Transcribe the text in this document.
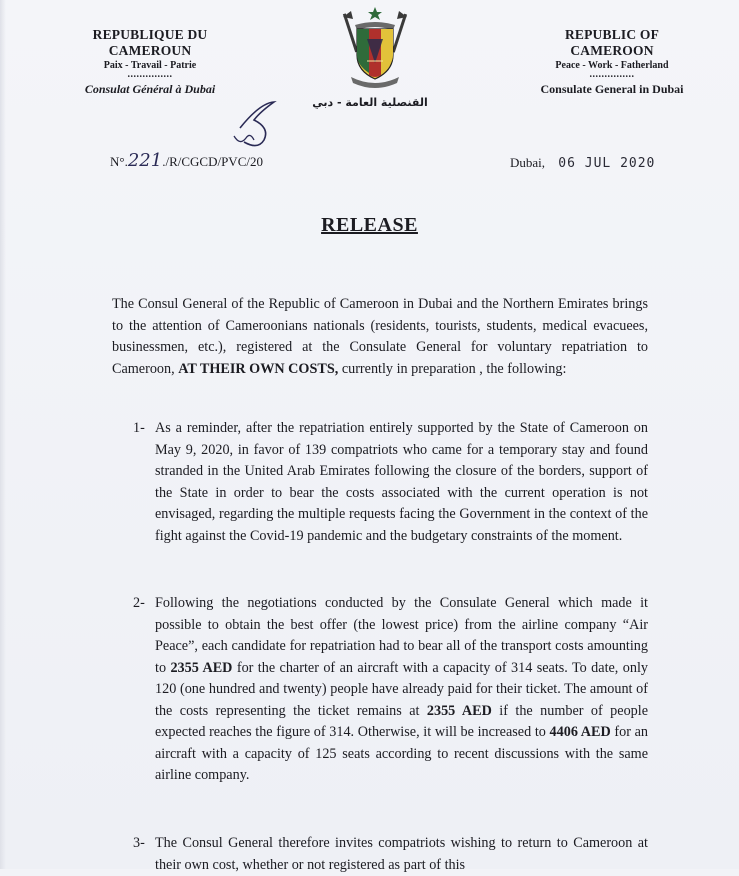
REPUBLIQUE DU CAMEROUN
Paix - Travail - Patrie
...............
Consulat Général à Dubai
القنصلية العامة - دبي
N°.221./R/CGCD/PVC/20	Dubai, 06 JUL 2020
RELEASE
The Consul General of the Republic of Cameroon in Dubai and the Northern Emirates brings to the attention of Cameroonians nationals (residents, tourists, students, medical evacuees, businessmen, etc.), registered at the Consulate General for voluntary repatriation to Cameroon, AT THEIR OWN COSTS, currently in preparation , the following:
1- As a reminder, after the repatriation entirely supported by the State of Cameroon on May 9, 2020, in favor of 139 compatriots who came for a temporary stay and found stranded in the United Arab Emirates following the closure of the borders, support of the State in order to bear the costs associated with the current operation is not envisaged, regarding the multiple requests facing the Government in the context of the fight against the Covid-19 pandemic and the budgetary constraints of the moment.
2- Following the negotiations conducted by the Consulate General which made it possible to obtain the best offer (the lowest price) from the airline company “Air Peace”, each candidate for repatriation had to bear all of the transport costs amounting to 2355 AED for the charter of an aircraft with a capacity of 314 seats. To date, only 120 (one hundred and twenty) people have already paid for their ticket. The amount of the costs representing the ticket remains at 2355 AED if the number of people expected reaches the figure of 314. Otherwise, it will be increased to 4406 AED for an aircraft with a capacity of 125 seats according to recent discussions with the same airline company.
3- The Consul General therefore invites compatriots wishing to return to Cameroon at their own cost, whether or not registered as part of this
REPUBLIC OF CAMEROON
Peace - Work - Fatherland
...............
Consulate General in Dubai
